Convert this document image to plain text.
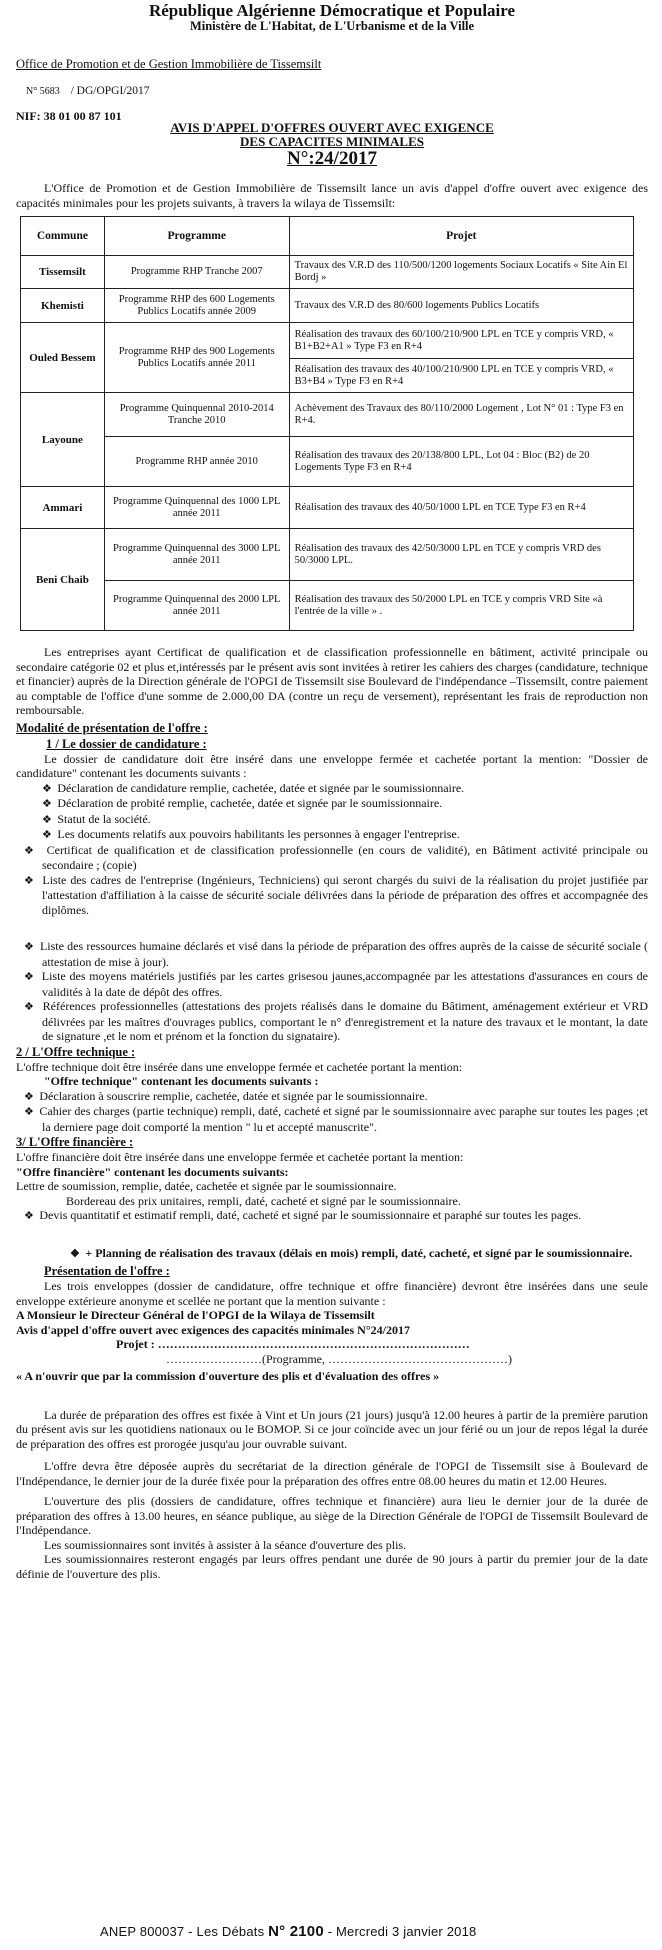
République Algérienne Démocratique et Populaire
Ministère de L'Habitat, de L'Urbanisme et de la Ville
Office de Promotion et de Gestion Immobilière de Tissemsilt
N° 5683 / DG/OPGI/2017
NIF: 38 01 00 87 101
AVIS D'APPEL D'OFFRES OUVERT AVEC EXIGENCE
DES CAPACITES MINIMALES
N°:24/2017

L'Office de Promotion et de Gestion Immobilière de Tissemsilt lance un avis d'appel d'offre ouvert avec exigence des capacités minimales pour les projets suivants, à travers la wilaya de Tissemsilt:

Commune	Programme	Projet
Tissemsilt	Programme RHP Tranche 2007	Travaux des V.R.D des 110/500/1200 logements Sociaux Locatifs « Site Ain El Bordj »
Khemisti	Programme RHP des 600 Logements Publics Locatifs année 2009	Travaux des V.R.D des 80/600 logements Publics Locatifs
Ouled Bessem	Programme RHP des 900 Logements Publics Locatifs année 2011	Réalisation des travaux des 60/100/210/900 LPL en TCE y compris VRD, « B1+B2+A1 » Type F3 en R+4
		Réalisation des travaux des 40/100/210/900 LPL en TCE y compris VRD, « B3+B4 » Type F3 en R+4
Layoune	Programme Quinquennal 2010-2014 Tranche 2010	Achèvement des Travaux des 80/110/2000 Logement , Lot N° 01 : Type F3 en R+4.
	Programme RHP année 2010	Réalisation des travaux des 20/138/800 LPL, Lot 04 : Bloc (B2) de 20 Logements Type F3 en R+4
Ammari	Programme Quinquennal des 1000 LPL année 2011	Réalisation des travaux des 40/50/1000 LPL en TCE Type F3 en R+4
Beni Chaib	Programme Quinquennal des 3000 LPL année 2011	Réalisation des travaux des 42/50/3000 LPL en TCE y compris VRD des 50/3000 LPL.
	Programme Quinquennal des 2000 LPL année 2011	Réalisation des travaux des 50/2000 LPL en TCE y compris VRD Site «à l'entrée de la ville » .

Les entreprises ayant Certificat de qualification et de classification professionnelle en bâtiment, activité principale ou secondaire catégorie 02 et plus et,intéressés par le présent avis sont invitées à retirer les cahiers des charges (candidature, technique et financier) auprès de la Direction générale de l'OPGI de Tissemsilt sise Boulevard de l'indépendance –Tissemsilt, contre paiement au comptable de l'office d'une somme de 2.000,00 DA (contre un reçu de versement), représentant les frais de reproduction non remboursable.

Modalité de présentation de l'offre :
1 / Le dossier de candidature :

Le dossier de candidature doit être inséré dans une enveloppe fermée et cachetée portant la mention: "Dossier de candidature" contenant les documents suivants :

❖  Déclaration de candidature remplie, cachetée, datée et signée par le soumissionnaire.

❖  Déclaration de probité remplie, cachetée, datée et signée par le soumissionnaire.

❖  Statut de la société.

❖  Les documents relatifs aux pouvoirs habilitants les personnes à engager l'entreprise.

❖  Certificat de qualification et de classification professionnelle (en cours de validité), en Bâtiment activité principale ou secondaire ; (copie)

❖  Liste des cadres de l'entreprise (Ingénieurs, Techniciens) qui seront chargés du suivi de la réalisation du projet justifiée par l'attestation d'affiliation à la caisse de sécurité sociale délivrées dans la période de préparation des offres et accompagnée des diplômes.

❖  Liste des ressources humaine déclarés et visé dans la période de préparation des offres auprès de la caisse de sécurité sociale ( attestation de mise à jour).

❖  Liste des moyens matériels justifiés par les cartes grisesou jaunes,accompagnée par les attestations d'assurances en cours de validités à la date de dépôt des offres.

❖  Références professionnelles (attestations des projets réalisés dans le domaine du Bâtiment, aménagement extérieur et VRD délivrées par les maîtres d'ouvrages publics, comportant le n° d'enregistrement et la nature des travaux et le montant, la date de signature ,et le nom et prénom et la fonction du signataire).

2 / L'Offre technique :

L'offre technique doit être insérée dans une enveloppe fermée et cachetée portant la mention:

"Offre technique" contenant les documents suivants :

❖  Déclaration à souscrire remplie, cachetée, datée et signée par le soumissionnaire.

❖  Cahier des charges (partie technique) rempli, daté, cacheté et signé par le soumissionnaire avec paraphe sur toutes les pages ;et la derniere page doit comporté la mention " lu et accepté manuscrite".

3/ L'Offre financière :

L'offre financière doit être insérée dans une enveloppe fermée et cachetée portant la mention:

"Offre financière" contenant les documents suivants:

Lettre de soumission, remplie, datée, cachetée et signée par le soumissionnaire.

Bordereau des prix unitaires, rempli, daté, cacheté et signé par le soumissionnaire.

❖  Devis quantitatif et estimatif rempli, daté, cacheté et signé par le soumissionnaire et paraphé sur toutes les pages.

❖  + Planning de réalisation des travaux (délais en mois) rempli, daté, cacheté, et signé par le soumissionnaire.

Présentation de l'offre :

Les trois enveloppes (dossier de candidature, offre technique et offre financière) devront être insérées dans une seule enveloppe extérieure anonyme et scellée ne portant que la mention suivante :

A Monsieur le Directeur Général de l'OPGI de la Wilaya de Tissemsilt

Avis d'appel d'offre ouvert avec exigences des capacités minimales N°24/2017

Projet : ……………………………………………………………………

……………………(Programme, ………………………………………)

« A n'ouvrir que par la commission d'ouverture des plis et d'évaluation des offres »

La durée de préparation des offres est fixée à Vint et Un jours (21 jours) jusqu'à 12.00 heures à partir de la première parution du présent avis sur les quotidiens nationaux ou le BOMOP. Si ce jour coïncide avec un jour férié ou un jour de repos légal la durée de préparation des offres est prorogée jusqu'au jour ouvrable suivant.

L'offre devra être déposée auprès du secrétariat de la direction générale de l'OPGI de Tissemsilt sise à Boulevard de l'Indépendance, le dernier jour de la durée fixée pour la préparation des offres entre 08.00 heures du matin et 12.00 Heures.

L'ouverture des plis (dossiers de candidature, offres technique et financière) aura lieu le dernier jour de la durée de préparation des offres à 13.00 heures, en séance publique, au siège de la Direction Générale de l'OPGI de Tissemsilt Boulevard de l'Indépendance.

Les soumissionnaires sont invités à assister à la séance d'ouverture des plis.

Les soumissionnaires resteront engagés par leurs offres pendant une durée de 90 jours à partir du premier jour de la date définie de l'ouverture des plis.

ANEP 800037 - Les Débats N° 2100 - Mercredi 3 janvier 2018
